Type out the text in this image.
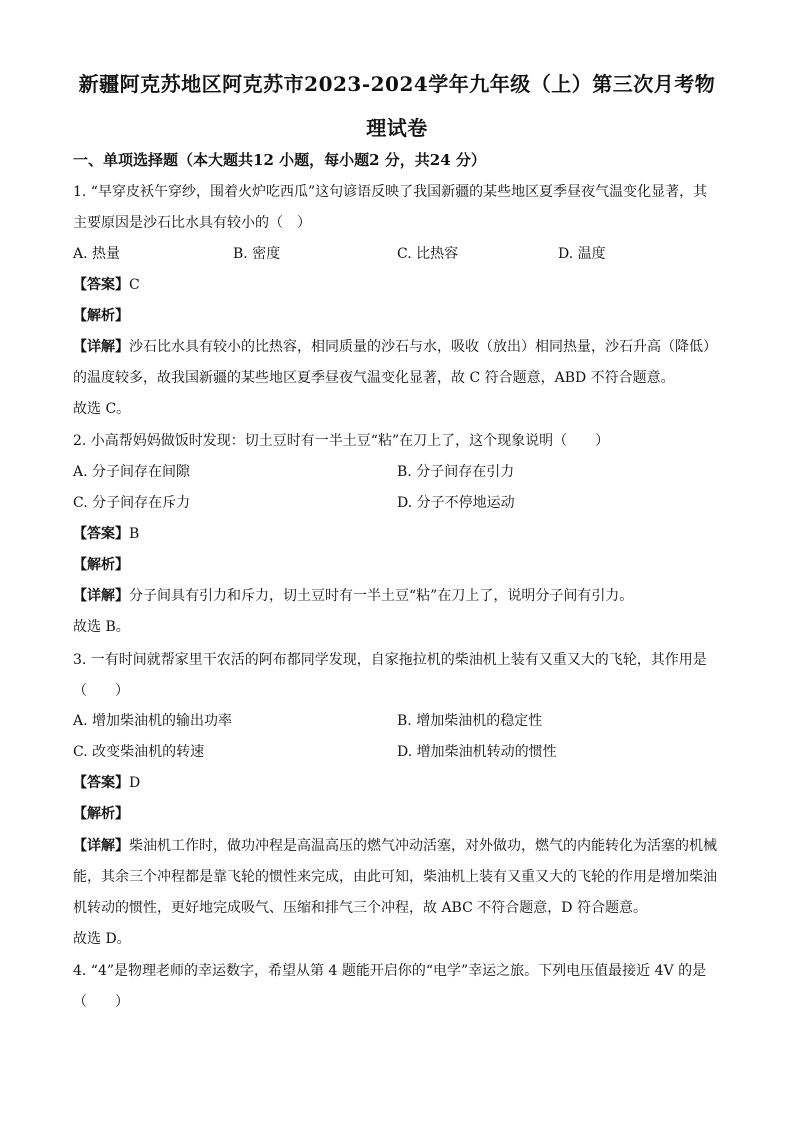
新疆阿克苏地区阿克苏市2023-2024学年九年级（上）第三次月考物
理试卷
一、单项选择题（本大题共12 小题，每小题2 分，共24 分）
1. “早穿皮袄午穿纱，围着火炉吃西瓜”这句谚语反映了我国新疆的某些地区夏季昼夜气温变化显著，其
主要原因是沙石比水具有较小的（　）
A. 热量	B. 密度	C. 比热容	D. 温度
【答案】C
【解析】
【详解】沙石比水具有较小的比热容，相同质量的沙石与水，吸收（放出）相同热量，沙石升高（降低）
的温度较多，故我国新疆的某些地区夏季昼夜气温变化显著，故 C 符合题意，ABD 不符合题意。
故选 C。
2. 小高帮妈妈做饭时发现：切土豆时有一半土豆“粘”在刀上了，这个现象说明（　　）
A. 分子间存在间隙	B. 分子间存在引力
C. 分子间存在斥力	D. 分子不停地运动
【答案】B
【解析】
【详解】分子间具有引力和斥力，切土豆时有一半土豆“粘”在刀上了，说明分子间有引力。
故选 B。
3. 一有时间就帮家里干农活的阿布都同学发现，自家拖拉机的柴油机上装有又重又大的飞轮，其作用是
（　　）
A. 增加柴油机的输出功率	B. 增加柴油机的稳定性
C. 改变柴油机的转速	D. 增加柴油机转动的惯性
【答案】D
【解析】
【详解】柴油机工作时，做功冲程是高温高压的燃气冲动活塞，对外做功，燃气的内能转化为活塞的机械
能，其余三个冲程都是靠飞轮的惯性来完成，由此可知，柴油机上装有又重又大的飞轮的作用是增加柴油
机转动的惯性，更好地完成吸气、压缩和排气三个冲程，故 ABC 不符合题意，D 符合题意。
故选 D。
4. “4”是物理老师的幸运数字，希望从第 4 题能开启你的“电学”幸运之旅。下列电压值最接近 4V 的是
（　　）
